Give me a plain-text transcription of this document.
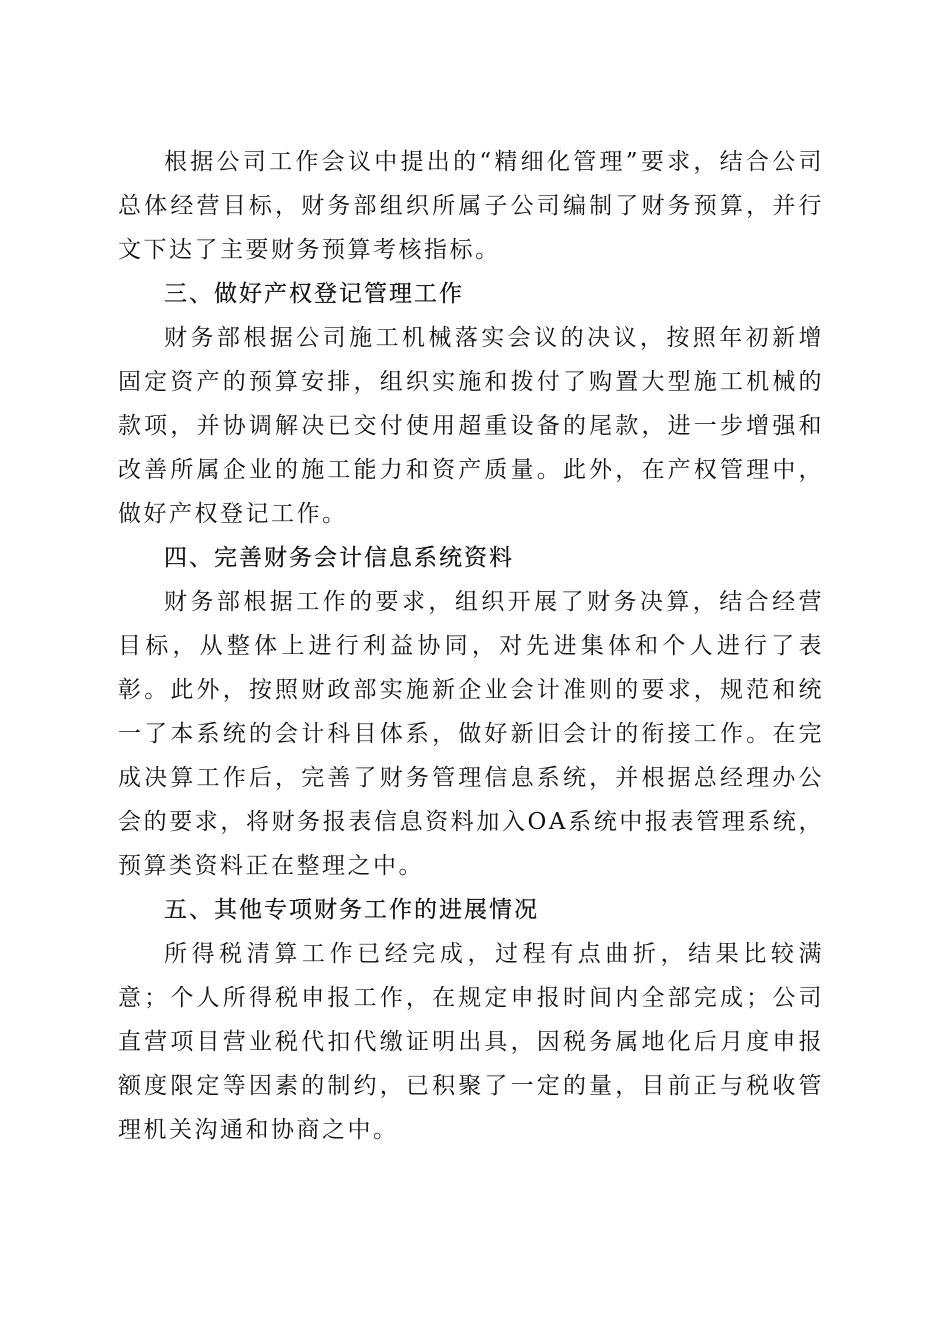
根据公司工作会议中提出的“精细化管理”要求，结合公司总体经营目标，财务部组织所属子公司编制了财务预算，并行文下达了主要财务预算考核指标。

三、做好产权登记管理工作

财务部根据公司施工机械落实会议的决议，按照年初新增固定资产的预算安排，组织实施和拨付了购置大型施工机械的款项，并协调解决已交付使用超重设备的尾款，进一步增强和改善所属企业的施工能力和资产质量。此外，在产权管理中，做好产权登记工作。

四、完善财务会计信息系统资料

财务部根据工作的要求，组织开展了财务决算，结合经营目标，从整体上进行利益协同，对先进集体和个人进行了表彰。此外，按照财政部实施新企业会计准则的要求，规范和统一了本系统的会计科目体系，做好新旧会计的衔接工作。在完成决算工作后，完善了财务管理信息系统，并根据总经理办公会的要求，将财务报表信息资料加入OA系统中报表管理系统，预算类资料正在整理之中。

五、其他专项财务工作的进展情况

所得税清算工作已经完成，过程有点曲折，结果比较满意；个人所得税申报工作，在规定申报时间内全部完成；公司直营项目营业税代扣代缴证明出具，因税务属地化后月度申报额度限定等因素的制约，已积聚了一定的量，目前正与税收管理机关沟通和协商之中。
